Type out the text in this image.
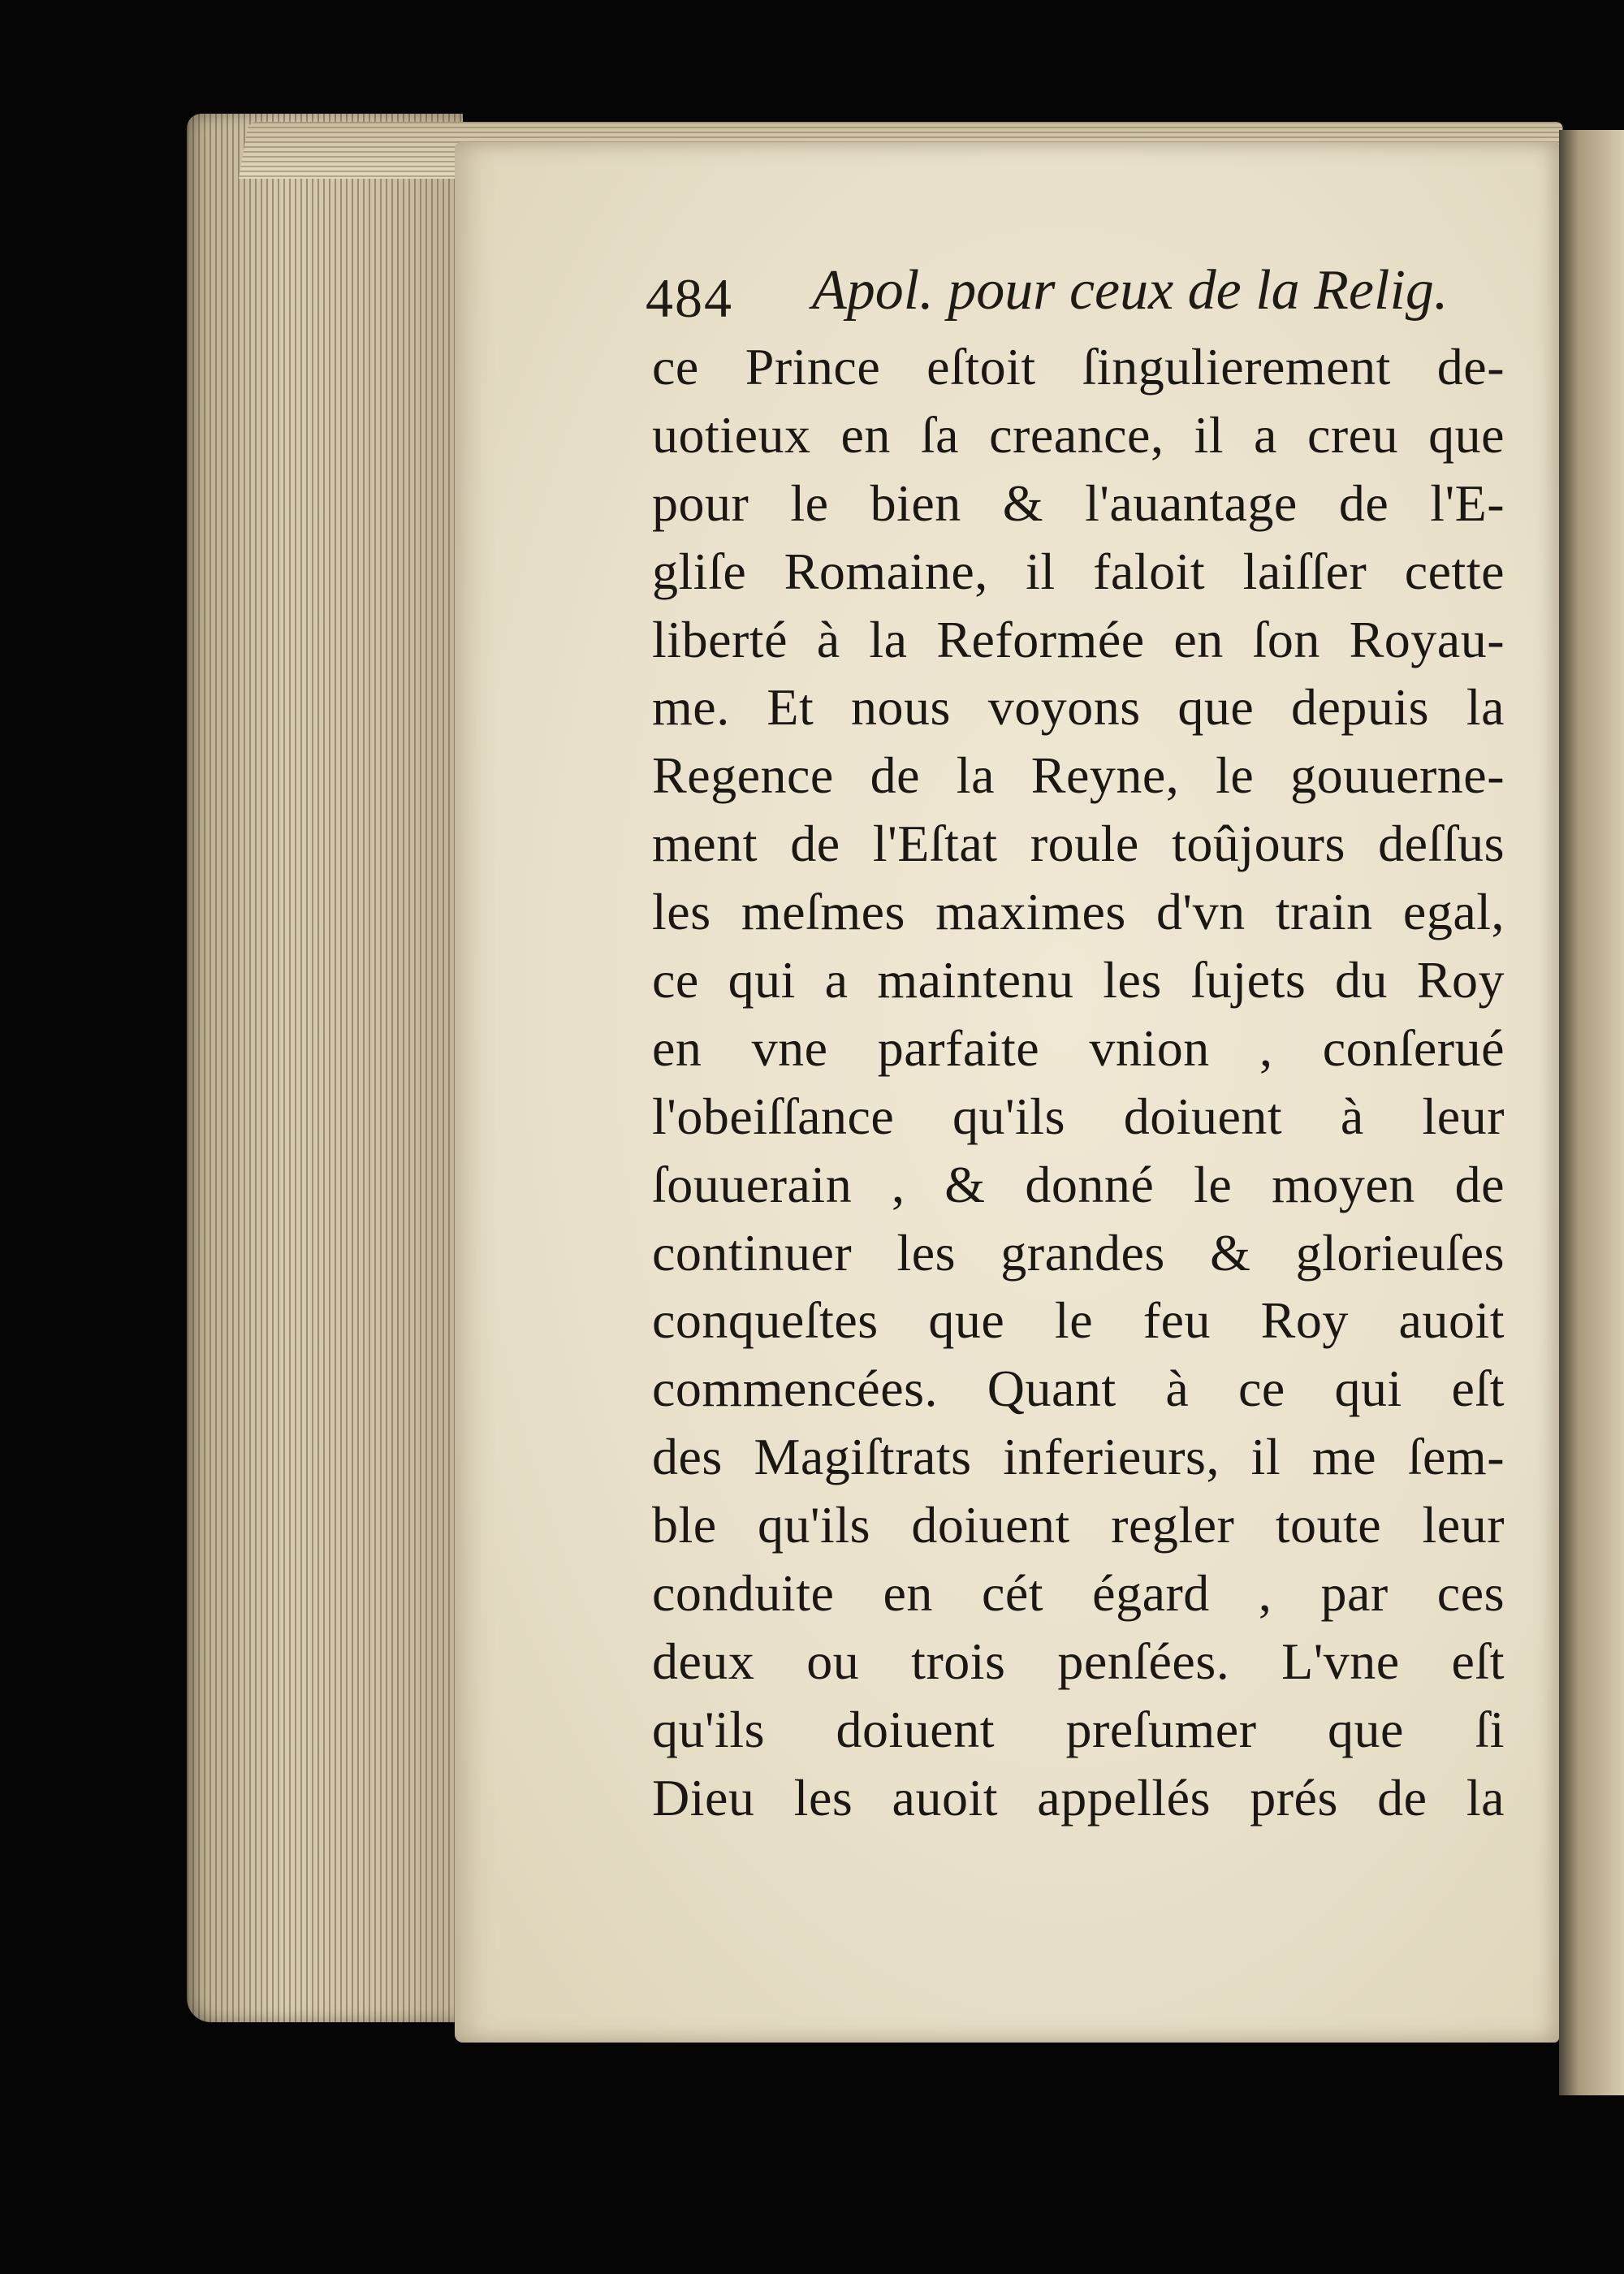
484 Apol. pour ceux de la Relig.
ce Prince eſtoit ſingulierement de-
uotieux en ſa creance, il a creu que
pour le bien & l'auantage de l'E-
gliſe Romaine, il faloit laiſſer cette
liberté à la Reformée en ſon Royau-
me. Et nous voyons que depuis la
Regence de la Reyne, le gouuerne-
ment de l'Eſtat roule toûjours deſſus
les meſmes maximes d'vn train egal,
ce qui a maintenu les ſujets du Roy
en vne parfaite vnion , conſerué
l'obeiſſance qu'ils doiuent à leur
ſouuerain , & donné le moyen de
continuer les grandes & glorieuſes
conqueſtes que le feu Roy auoit
commencées. Quant à ce qui eſt
des Magiſtrats inferieurs, il me ſem-
ble qu'ils doiuent regler toute leur
conduite en cét égard , par ces
deux ou trois penſées. L'vne eſt
qu'ils doiuent preſumer que ſi
Dieu les auoit appellés prés de la
